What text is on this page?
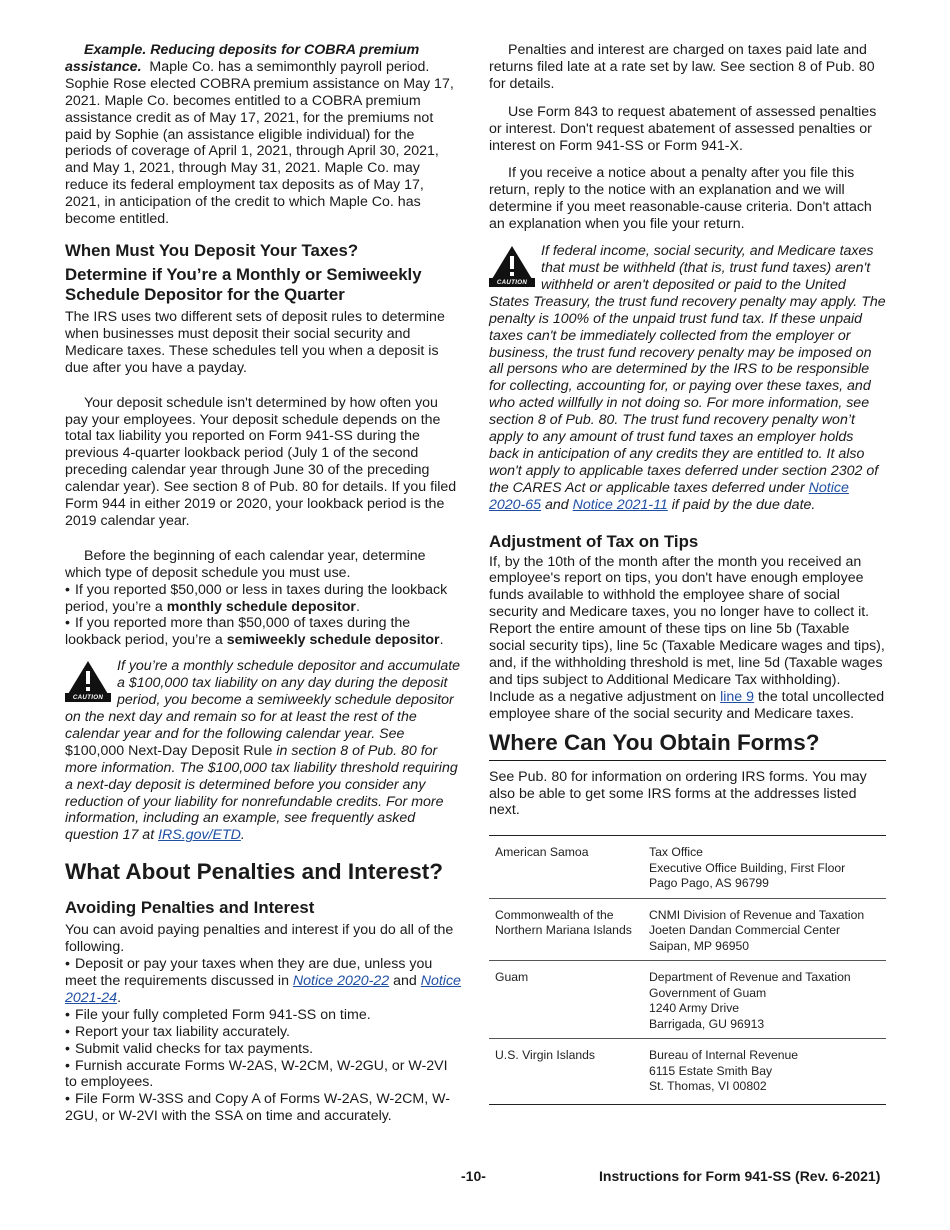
Example. Reducing deposits for COBRA premium assistance. Maple Co. has a semimonthly payroll period. Sophie Rose elected COBRA premium assistance on May 17, 2021. Maple Co. becomes entitled to a COBRA premium assistance credit as of May 17, 2021, for the premiums not paid by Sophie (an assistance eligible individual) for the periods of coverage of April 1, 2021, through April 30, 2021, and May 1, 2021, through May 31, 2021. Maple Co. may reduce its federal employment tax deposits as of May 17, 2021, in anticipation of the credit to which Maple Co. has become entitled.

When Must You Deposit Your Taxes?
Determine if You’re a Monthly or Semiweekly Schedule Depositor for the Quarter

The IRS uses two different sets of deposit rules to determine when businesses must deposit their social security and Medicare taxes. These schedules tell you when a deposit is due after you have a payday.

Your deposit schedule isn't determined by how often you pay your employees. Your deposit schedule depends on the total tax liability you reported on Form 941-SS during the previous 4-quarter lookback period (July 1 of the second preceding calendar year through June 30 of the preceding calendar year). See section 8 of Pub. 80 for details. If you filed Form 944 in either 2019 or 2020, your lookback period is the 2019 calendar year.

Before the beginning of each calendar year, determine which type of deposit schedule you must use.

• If you reported $50,000 or less in taxes during the lookback period, you’re a monthly schedule depositor.

• If you reported more than $50,000 of taxes during the lookback period, you’re a semiweekly schedule depositor.

CAUTION
If you’re a monthly schedule depositor and accumulate a $100,000 tax liability on any day during the deposit period, you become a semiweekly schedule depositor on the next day and remain so for at least the rest of the calendar year and for the following calendar year. See $100,000 Next-Day Deposit Rule in section 8 of Pub. 80 for more information. The $100,000 tax liability threshold requiring a next-day deposit is determined before you consider any reduction of your liability for nonrefundable credits. For more information, including an example, see frequently asked question 17 at IRS.gov/ETD.
What About Penalties and Interest?
Avoiding Penalties and Interest

You can avoid paying penalties and interest if you do all of the following.

• Deposit or pay your taxes when they are due, unless you meet the requirements discussed in Notice 2020-22 and Notice 2021-24.

• File your fully completed Form 941-SS on time.

• Report your tax liability accurately.

• Submit valid checks for tax payments.

• Furnish accurate Forms W-2AS, W-2CM, W-2GU, or W-2VI to employees.

• File Form W-3SS and Copy A of Forms W-2AS, W-2CM, W-2GU, or W-2VI with the SSA on time and accurately.

Penalties and interest are charged on taxes paid late and returns filed late at a rate set by law. See section 8 of Pub. 80 for details.

Use Form 843 to request abatement of assessed penalties or interest. Don't request abatement of assessed penalties or interest on Form 941-SS or Form 941-X.

If you receive a notice about a penalty after you file this return, reply to the notice with an explanation and we will determine if you meet reasonable-cause criteria. Don't attach an explanation when you file your return.

CAUTION
If federal income, social security, and Medicare taxes that must be withheld (that is, trust fund taxes) aren't withheld or aren't deposited or paid to the United States Treasury, the trust fund recovery penalty may apply. The penalty is 100% of the unpaid trust fund tax. If these unpaid taxes can't be immediately collected from the employer or business, the trust fund recovery penalty may be imposed on all persons who are determined by the IRS to be responsible for collecting, accounting for, or paying over these taxes, and who acted willfully in not doing so. For more information, see section 8 of Pub. 80. The trust fund recovery penalty won’t apply to any amount of trust fund taxes an employer holds back in anticipation of any credits they are entitled to. It also won't apply to applicable taxes deferred under section 2302 of the CARES Act or applicable taxes deferred under Notice 2020-65 and Notice 2021-11 if paid by the due date.
Adjustment of Tax on Tips

If, by the 10th of the month after the month you received an employee's report on tips, you don't have enough employee funds available to withhold the employee share of social security and Medicare taxes, you no longer have to collect it. Report the entire amount of these tips on line 5b (Taxable social security tips), line 5c (Taxable Medicare wages and tips), and, if the withholding threshold is met, line 5d (Taxable wages and tips subject to Additional Medicare Tax withholding). Include as a negative adjustment on line 9 the total uncollected employee share of the social security and Medicare taxes.

Where Can You Obtain Forms?

See Pub. 80 for information on ordering IRS forms. You may also be able to get some IRS forms at the addresses listed next.

American Samoa	Tax Office
Executive Office Building, First Floor
Pago Pago, AS 96799

Commonwealth of the Northern Mariana Islands	CNMI Division of Revenue and Taxation
Joeten Dandan Commercial Center
Saipan, MP 96950

Guam	Department of Revenue and Taxation
Government of Guam
1240 Army Drive
Barrigada, GU 96913

U.S. Virgin Islands	Bureau of Internal Revenue
6115 Estate Smith Bay
St. Thomas, VI 00802
-10-	Instructions for Form 941-SS (Rev. 6-2021)
